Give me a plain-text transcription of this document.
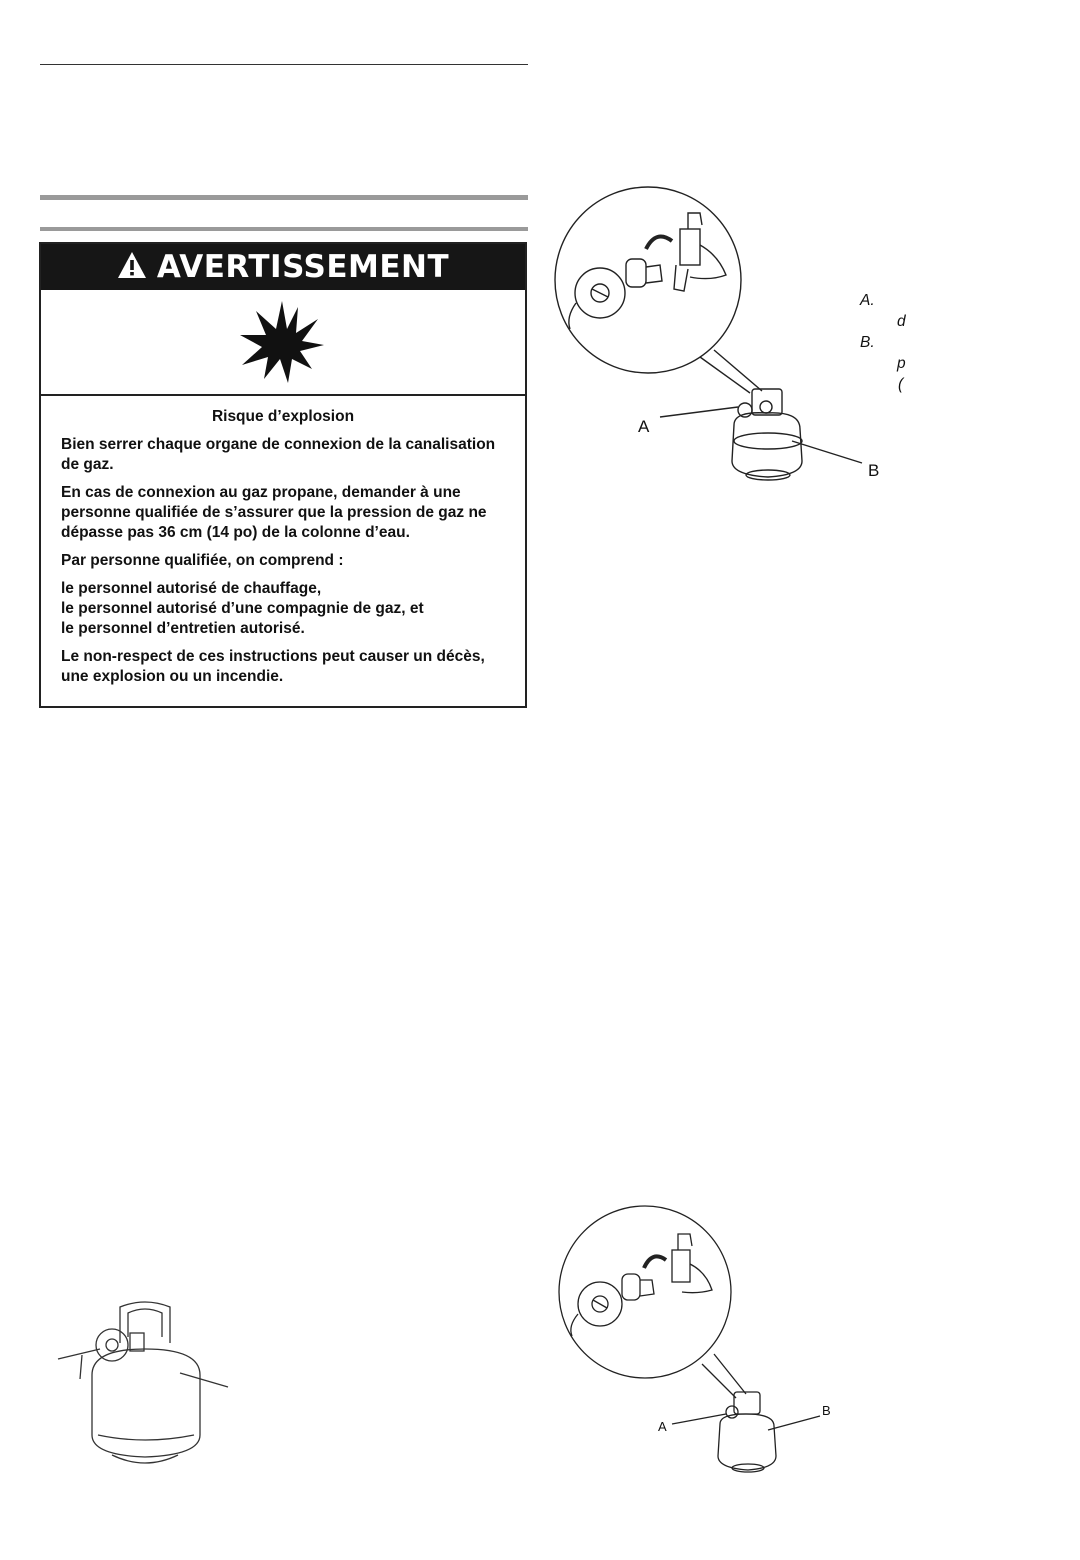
AVERTISSEMENT
Risque d’explosion

Bien serrer chaque organe de connexion de la canalisation de gaz.

En cas de connexion au gaz propane, demander à une personne qualifiée de s’assurer que la pression de gaz ne dépasse pas 36 cm (14 po) de la colonne d’eau.

Par personne qualifiée, on comprend :

le personnel autorisé de chauffage,
le personnel autorisé d’une compagnie de gaz, et
le personnel d’entretien autorisé.

Le non-respect de ces instructions peut causer un décès, une explosion ou un incendie.

A
B
A.
d
B.
p
(
A
B
